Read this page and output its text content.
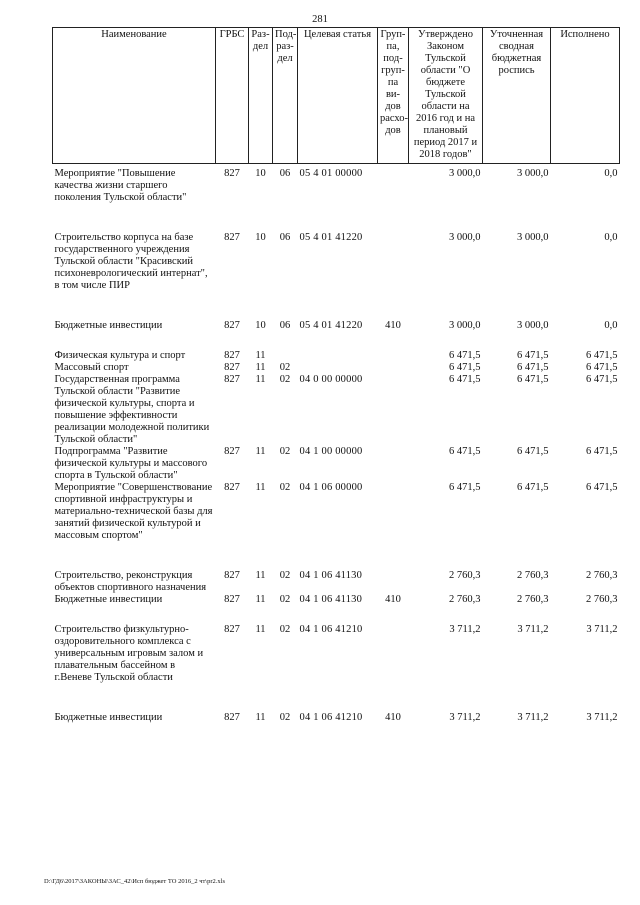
281
Наименование	ГРБС	Раз-дел	Под-раз-дел	Целевая статья	Груп-па, под-груп-па ви-дов расхо-дов	Утверждено Законом Тульской области "О бюджете Тульской области на 2016 год и на плановый период 2017 и 2018 годов"	Уточненная сводная бюджетная роспись	Исполнено
Мероприятие "Повышение качества жизни старшего поколения Тульской области"	827	10	06	05 4 01 00000		3 000,0	3 000,0	0,0
Строительство корпуса на базе государственного учреждения Тульской области "Красивский психоневрологический интернат", в том числе ПИР	827	10	06	05 4 01 41220		3 000,0	3 000,0	0,0
Бюджетные инвестиции	827	10	06	05 4 01 41220	410	3 000,0	3 000,0	0,0
Физическая культура и спорт	827	11				6 471,5	6 471,5	6 471,5
Массовый спорт	827	11	02			6 471,5	6 471,5	6 471,5
Государственная программа Тульской области "Развитие физической культуры, спорта и повышение эффективности реализации молодежной политики Тульской области"	827	11	02	04 0 00 00000		6 471,5	6 471,5	6 471,5
Подпрограмма "Развитие физической культуры и массового спорта в Тульской области"	827	11	02	04 1 00 00000		6 471,5	6 471,5	6 471,5
Мероприятие "Совершенствование спортивной инфраструктуры и материально-технической базы для занятий физической культурой и массовым спортом"	827	11	02	04 1 06 00000		6 471,5	6 471,5	6 471,5
Строительство, реконструкция объектов спортивного назначения	827	11	02	04 1 06 41130		2 760,3	2 760,3	2 760,3
Бюджетные инвестиции	827	11	02	04 1 06 41130	410	2 760,3	2 760,3	2 760,3
Строительство физкультурно-оздоровительного комплекса с универсальным игровым залом и плавательным бассейном в г.Веневе Тульской области	827	11	02	04 1 06 41210		3 711,2	3 711,2	3 711,2
Бюджетные инвестиции	827	11	02	04 1 06 41210	410	3 711,2	3 711,2	3 711,2
D:\ГД6\2017\ЗАКОНЫ\ЗАС_42\Исп бюджет ТО 2016_2 чт\pr2.xls
